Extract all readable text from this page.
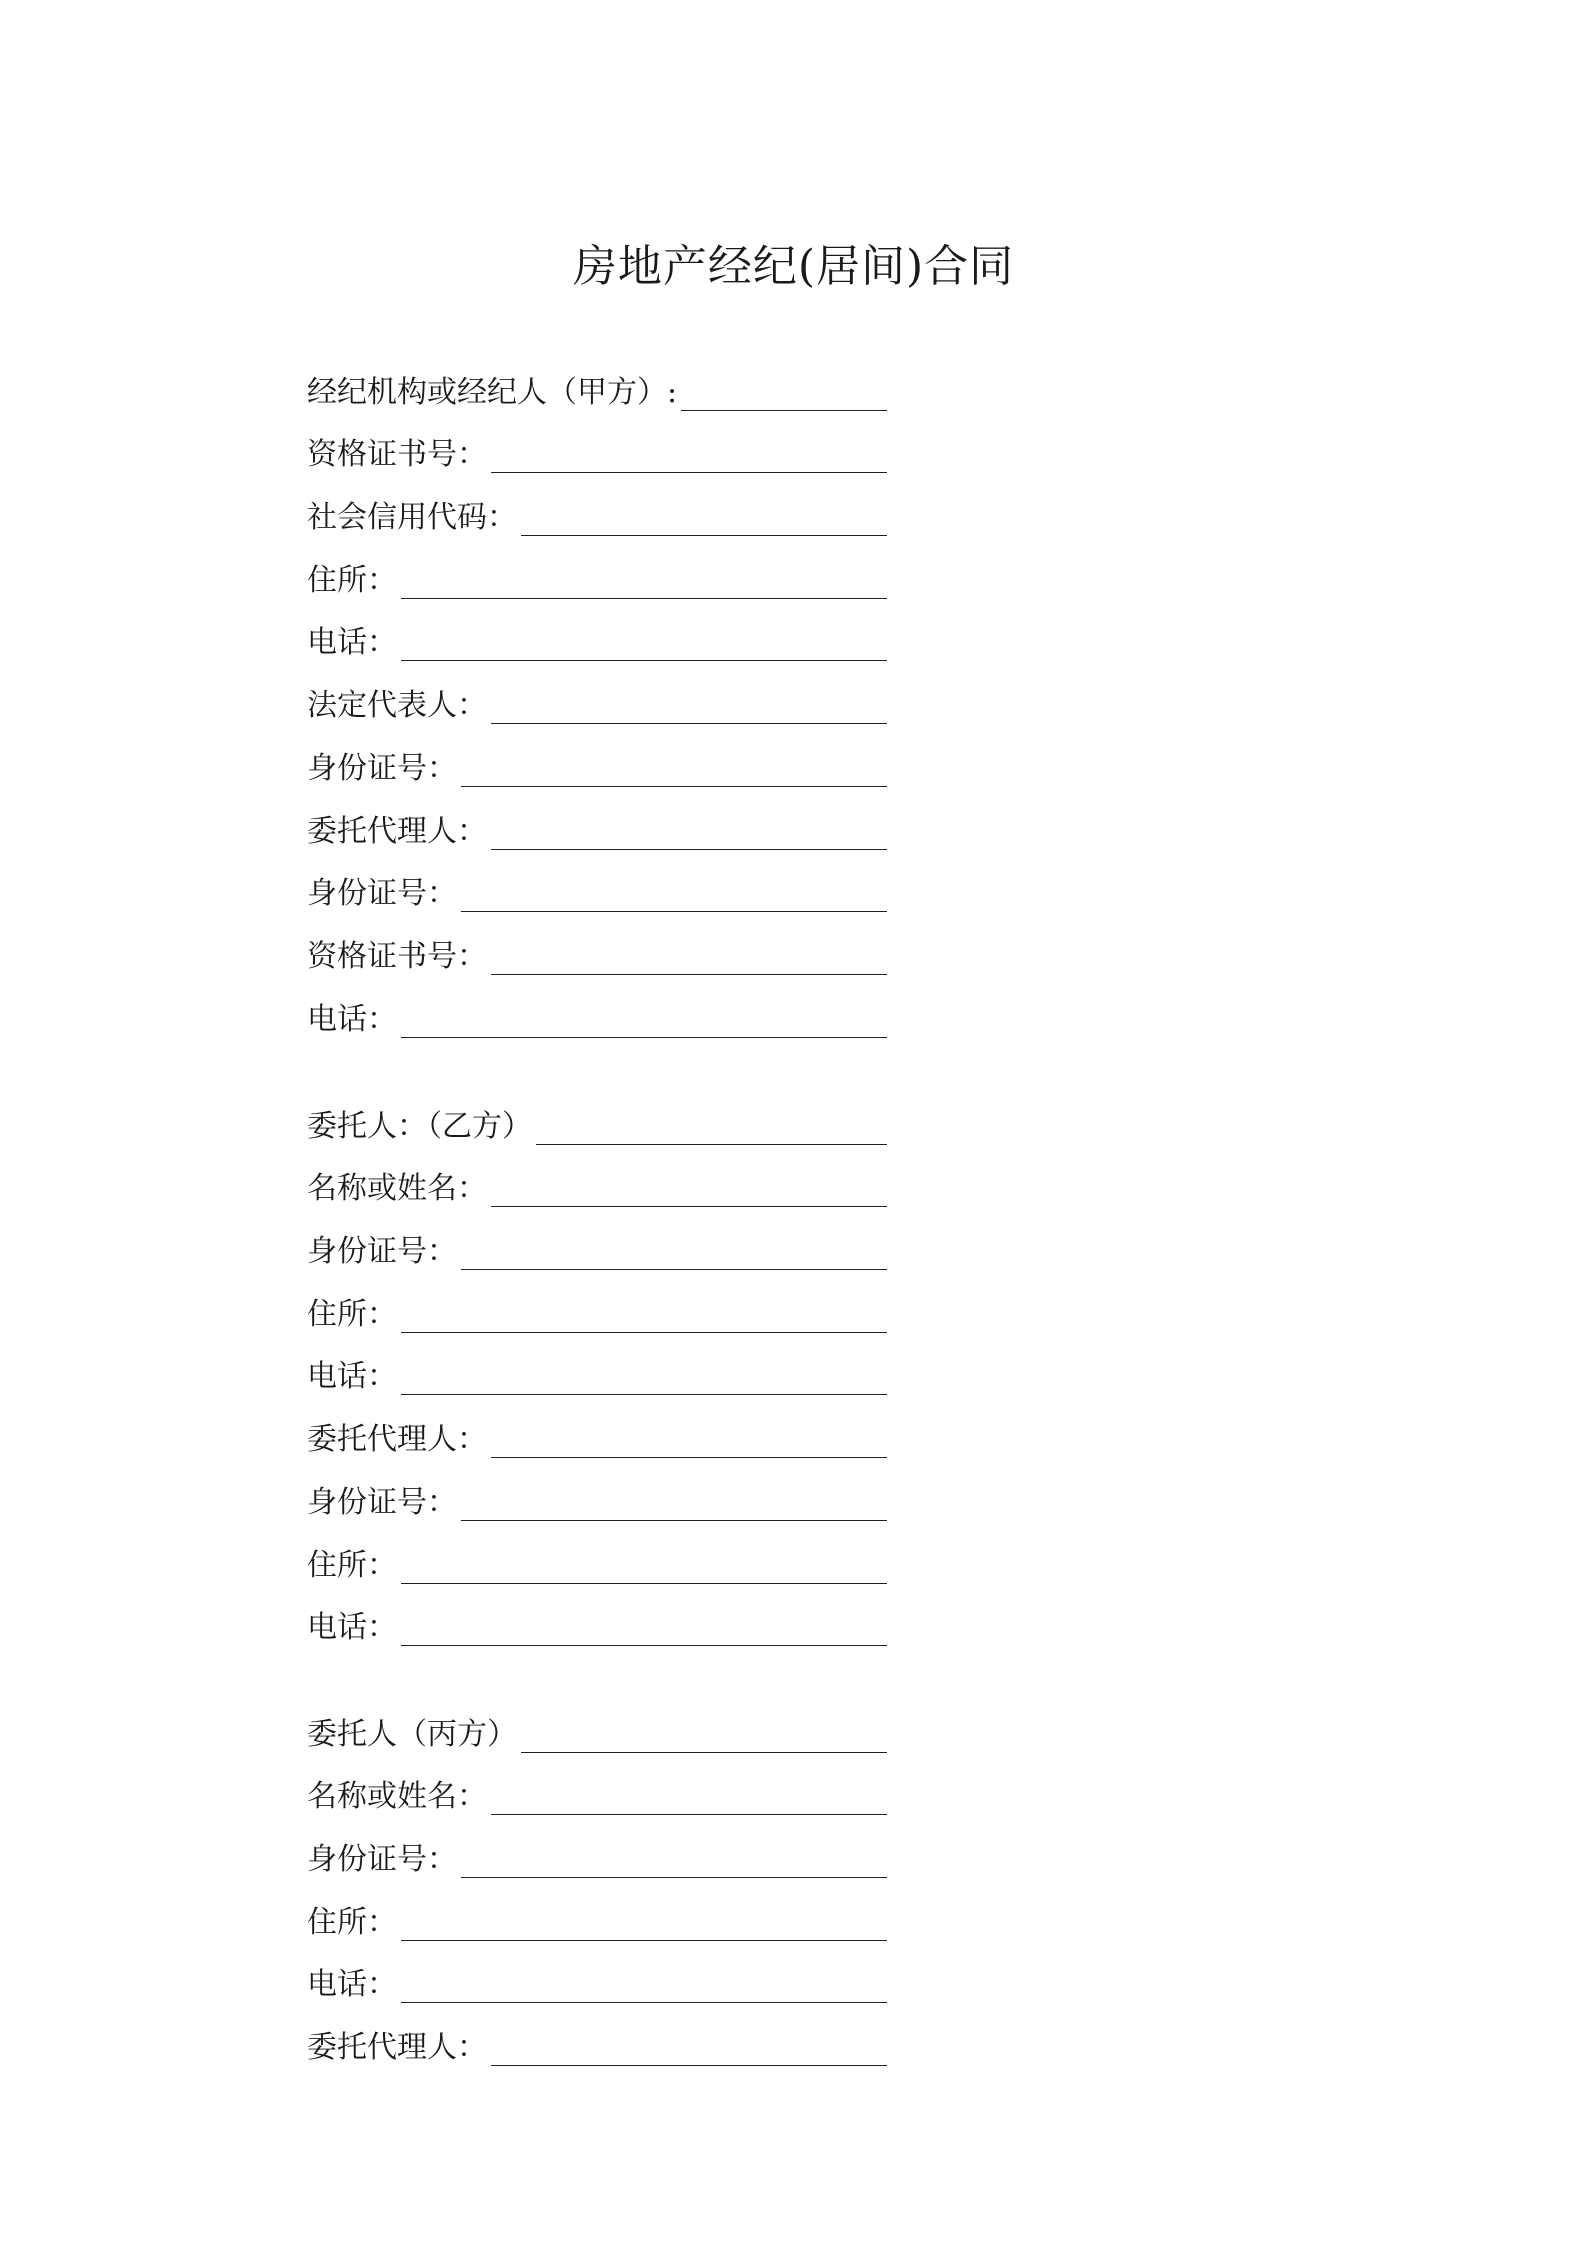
房地产经纪(居间)合同
经纪机构或经纪人（甲方）:
资格证书号：
社会信用代码：
住所：
电话：
法定代表人：
身份证号：
委托代理人：
身份证号：
资格证书号：
电话：
委托人：（乙方）
名称或姓名：
身份证号：
住所：
电话：
委托代理人：
身份证号：
住所：
电话：
委托人（丙方）
名称或姓名：
身份证号：
住所：
电话：
委托代理人：
